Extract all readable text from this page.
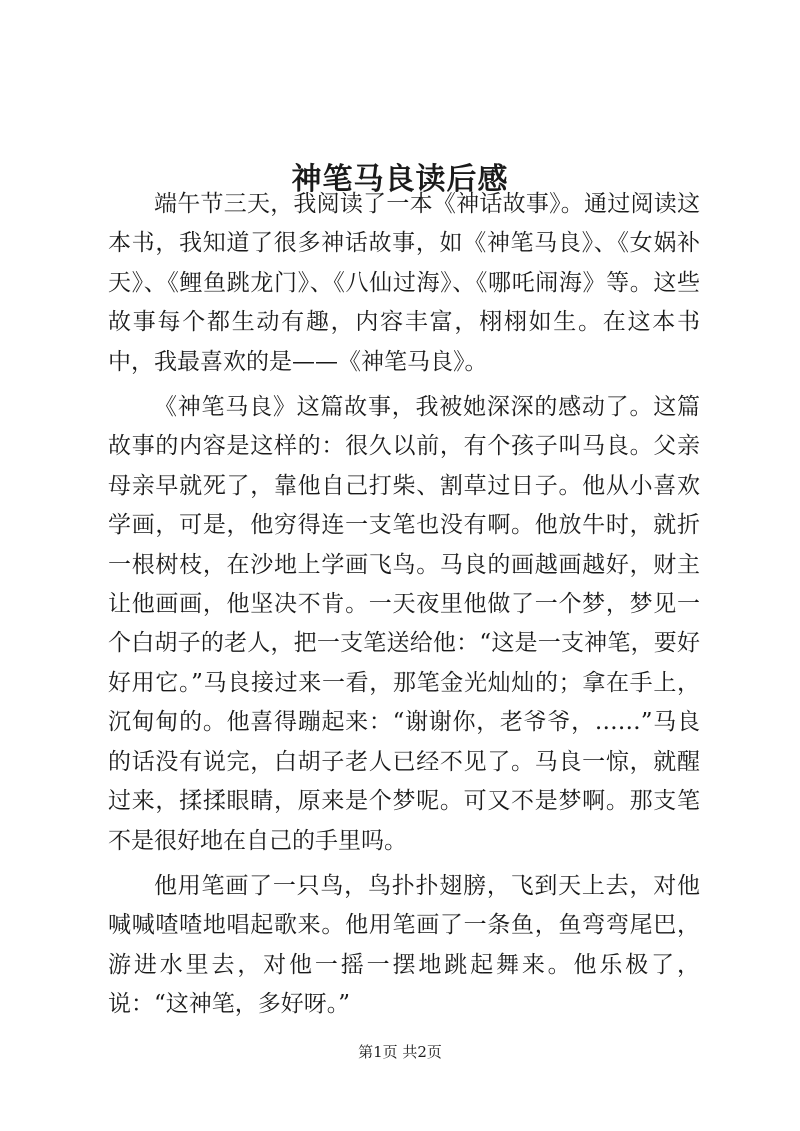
神笔马良读后感

端午节三天，我阅读了一本《神话故事》。通过阅读这本书，我知道了很多神话故事，如《神笔马良》、《女娲补天》、《鲤鱼跳龙门》、《八仙过海》、《哪吒闹海》等。这些故事每个都生动有趣，内容丰富，栩栩如生。在这本书中，我最喜欢的是——《神笔马良》。

《神笔马良》这篇故事，我被她深深的感动了。这篇故事的内容是这样的：很久以前，有个孩子叫马良。父亲母亲早就死了，靠他自己打柴、割草过日子。他从小喜欢学画，可是，他穷得连一支笔也没有啊。他放牛时，就折一根树枝，在沙地上学画飞鸟。马良的画越画越好，财主让他画画，他坚决不肯。一天夜里他做了一个梦，梦见一个白胡子的老人，把一支笔送给他：“这是一支神笔，要好好用它。”马良接过来一看，那笔金光灿灿的；拿在手上，沉甸甸的。他喜得蹦起来：“谢谢你，老爷爷，……”马良的话没有说完，白胡子老人已经不见了。马良一惊，就醒过来，揉揉眼睛，原来是个梦呢。可又不是梦啊。那支笔不是很好地在自己的手里吗。

他用笔画了一只鸟，鸟扑扑翅膀，飞到天上去，对他喊喊喳喳地唱起歌来。他用笔画了一条鱼，鱼弯弯尾巴，游进水里去，对他一摇一摆地跳起舞来。他乐极了，说：“这神笔，多好呀。”

第1页 共2页
